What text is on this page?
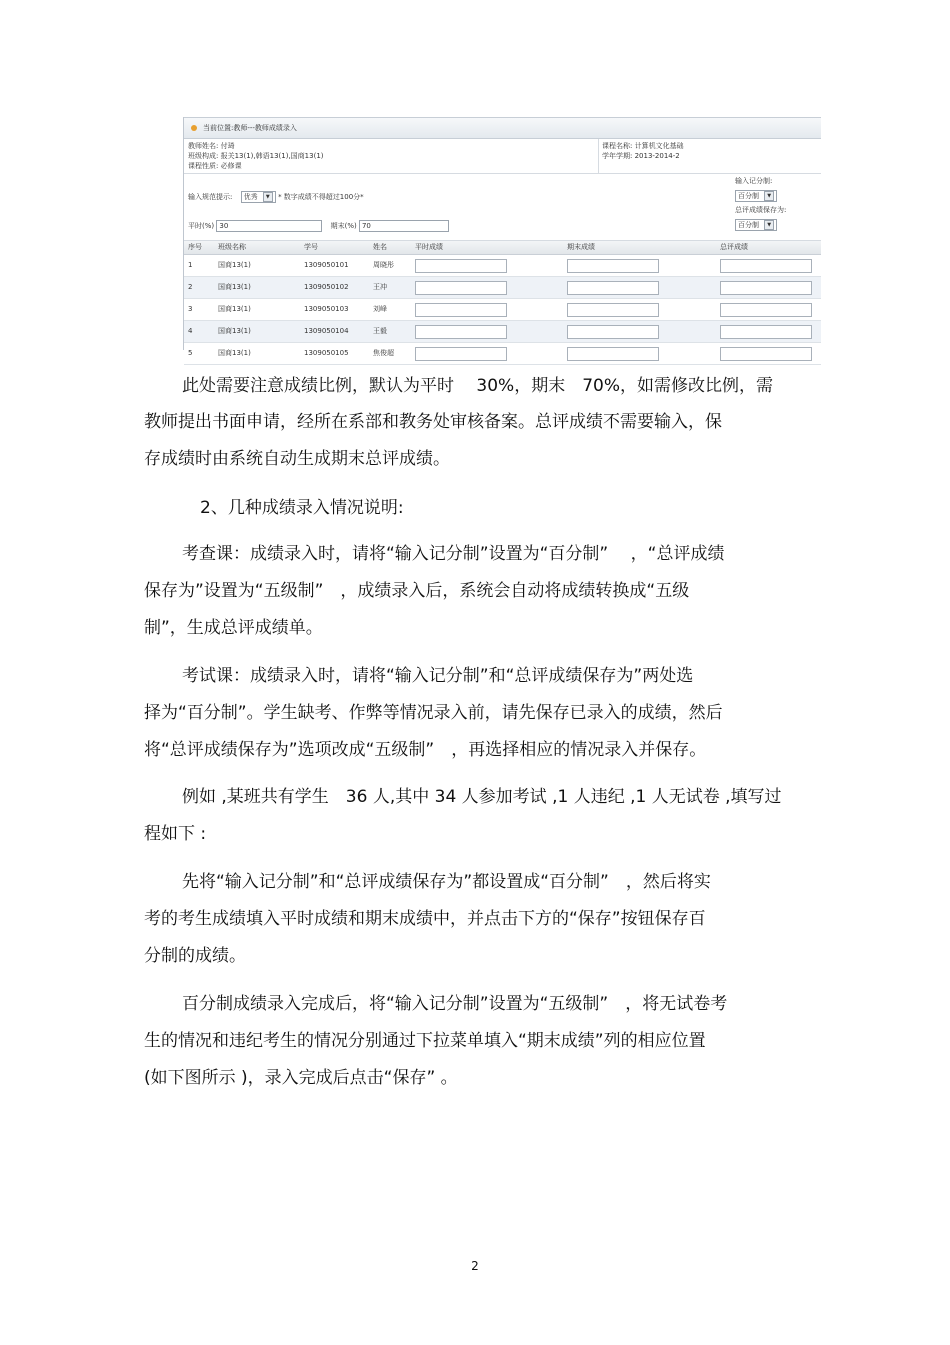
当前位置:教师---教师成绩录入
教师姓名: 付琦
班级构成: 报关13(1),韩语13(1),国商13(1)
课程性质: 必修课
课程名称: 计算机文化基础
学年学期: 2013-2014-2
输入规范提示: 优秀 ▼ * 数字成绩不得超过100分*
平时(%) 30	期末(%) 70
输入记分制:
百分制 ▼
总评成绩保存为:
百分制 ▼
序号	班级名称	学号	姓名	平时成绩	期末成绩	总评成绩
1	国商13(1)	1309050101	周晓彤	

2	国商13(1)	1309050102	王冲	

3	国商13(1)	1309050103	刘峰	

4	国商13(1)	1309050104	王毅	

5	国商13(1)	1309050105	焦俊超	

此处需要注意成绩比例，默认为平时　 30%，期末　70%，如需修改比例，需
教师提出书面申请，经所在系部和教务处审核备案。总评成绩不需要输入，保
存成绩时由系统自动生成期末总评成绩。
2、几种成绩录入情况说明:
考查课：成绩录入时，请将“输入记分制”设置为“百分制”　 ，“总评成绩
保存为”设置为“五级制”　，成绩录入后，系统会自动将成绩转换成“五级
制”，生成总评成绩单。
考试课：成绩录入时，请将“输入记分制”和“总评成绩保存为”两处选
择为“百分制”。学生缺考、作弊等情况录入前，请先保存已录入的成绩，然后
将“总评成绩保存为”选项改成“五级制”　，再选择相应的情况录入并保存。
例如 ,某班共有学生　36 人,其中 34 人参加考试 ,1 人违纪 ,1 人无试卷 ,填写过
程如下 :
先将“输入记分制”和“总评成绩保存为”都设置成“百分制”　，然后将实
考的考生成绩填入平时成绩和期末成绩中，并点击下方的“保存”按钮保存百
分制的成绩。
百分制成绩录入完成后，将“输入记分制”设置为“五级制”　，将无试卷考
生的情况和违纪考生的情况分别通过下拉菜单填入“期末成绩”列的相应位置
(如下图所示 )，录入完成后点击“保存” 。
2
